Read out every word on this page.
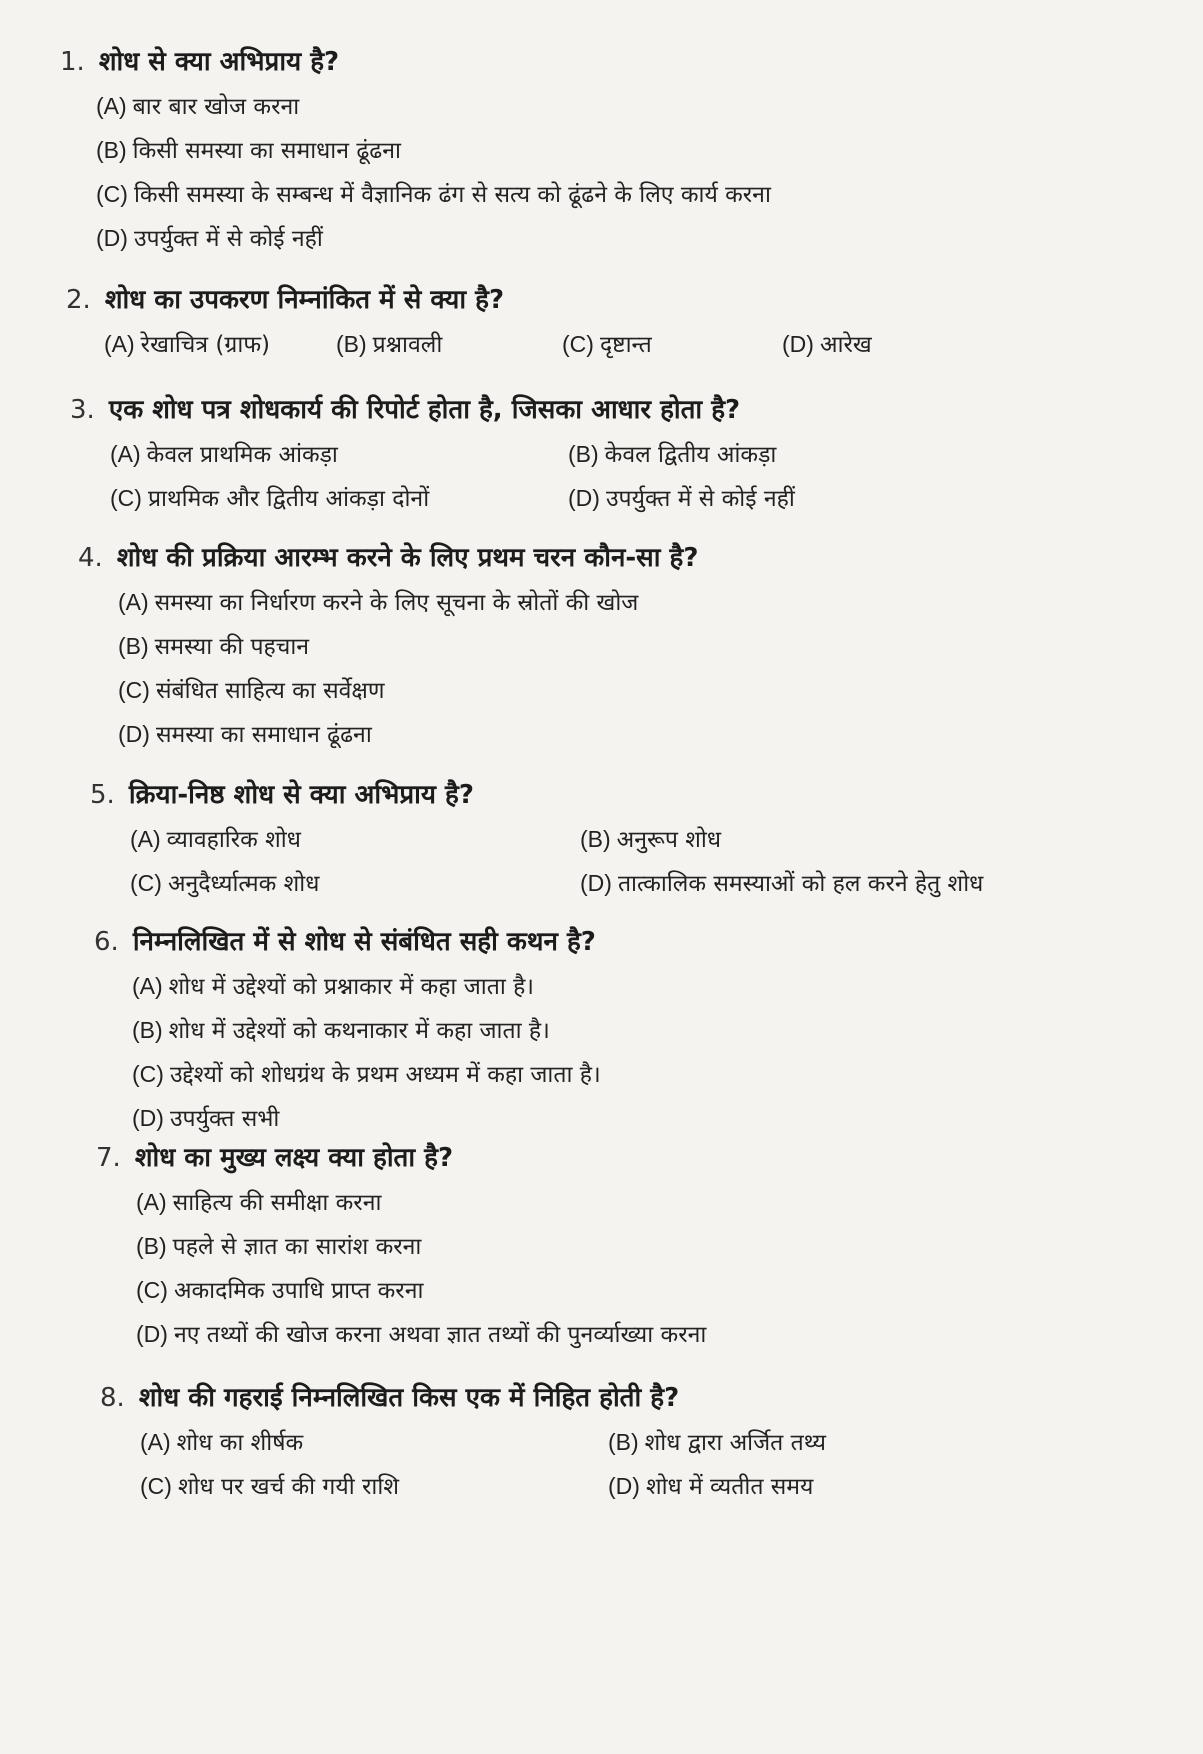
1. शोध से क्या अभिप्राय है?
(A) बार बार खोज करना
(B) किसी समस्या का समाधान ढूंढना
(C) किसी समस्या के सम्बन्ध में वैज्ञानिक ढंग से सत्य को ढूंढने के लिए कार्य करना
(D) उपर्युक्त में से कोई नहीं
2. शोध का उपकरण निम्नांकित में से क्या है?
(A) रेखाचित्र (ग्राफ)	(B) प्रश्नावली	(C) दृष्टान्त	(D) आरेख
3. एक शोध पत्र शोधकार्य की रिपोर्ट होता है, जिसका आधार होता है?
(A) केवल प्राथमिक आंकड़ा	(B) केवल द्वितीय आंकड़ा
(C) प्राथमिक और द्वितीय आंकड़ा दोनों	(D) उपर्युक्त में से कोई नहीं
4. शोध की प्रक्रिया आरम्भ करने के लिए प्रथम चरन कौन-सा है?
(A) समस्या का निर्धारण करने के लिए सूचना के स्रोतों की खोज
(B) समस्या की पहचान
(C) संबंधित साहित्य का सर्वेक्षण
(D) समस्या का समाधान ढूंढना
5. क्रिया-निष्ठ शोध से क्या अभिप्राय है?
(A) व्यावहारिक शोध	(B) अनुरूप शोध
(C) अनुदैर्ध्यात्मक शोध	(D) तात्कालिक समस्याओं को हल करने हेतु शोध
6. निम्नलिखित में से शोध से संबंधित सही कथन है?
(A) शोध में उद्देश्यों को प्रश्नाकार में कहा जाता है।
(B) शोध में उद्देश्यों को कथनाकार में कहा जाता है।
(C) उद्देश्यों को शोधग्रंथ के प्रथम अध्यम में कहा जाता है।
(D) उपर्युक्त सभी
7. शोध का मुख्य लक्ष्य क्या होता है?
(A) साहित्य की समीक्षा करना
(B) पहले से ज्ञात का सारांश करना
(C) अकादमिक उपाधि प्राप्त करना
(D) नए तथ्यों की खोज करना अथवा ज्ञात तथ्यों की पुनर्व्याख्या करना
8. शोध की गहराई निम्नलिखित किस एक में निहित होती है?
(A) शोध का शीर्षक	(B) शोध द्वारा अर्जित तथ्य
(C) शोध पर खर्च की गयी राशि	(D) शोध में व्यतीत समय
